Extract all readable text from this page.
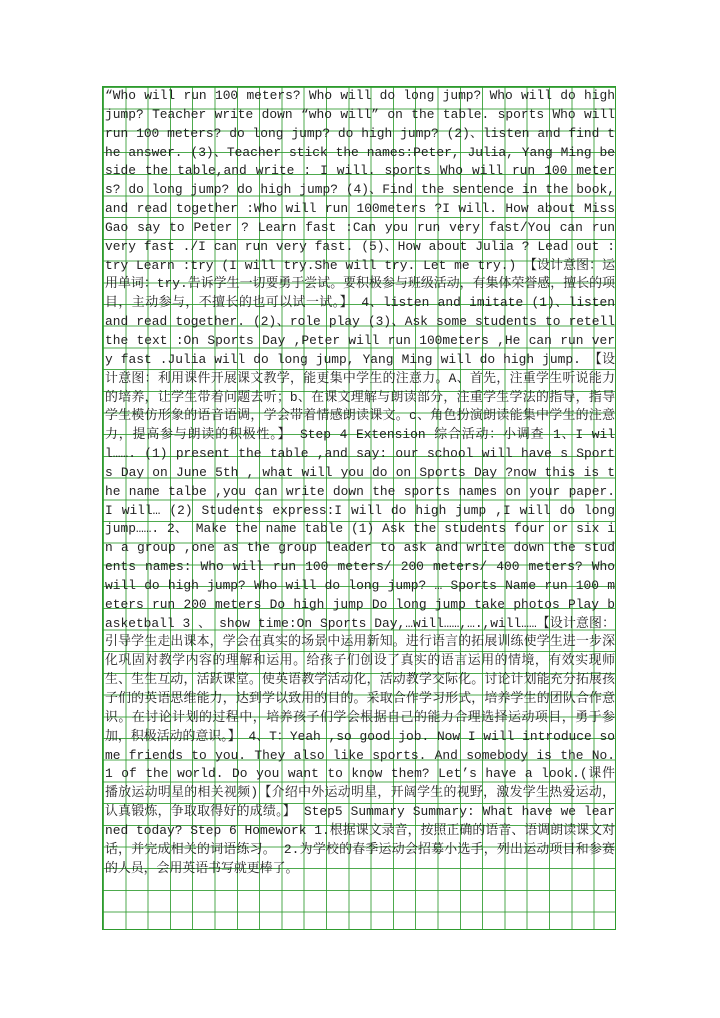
“Who will run 100 meters? Who will do long jump? Who will do high jump? Teacher write down “who will” on the table. sports Who will run 100 meters? do long jump? do high jump? (2)、listen and find the answer. (3)、Teacher stick the names:Peter, Julia, Yang Ming beside the table,and write : I will. sports Who will run 100 meters? do long jump? do high jump? (4)、Find the sentence in the book, and read together :Who will run 100meters ?I will. How about Miss Gao say to Peter ? Learn fast :Can you run very fast/You can run very fast ./I can run very fast. (5)、How about Julia ? Lead out :try Learn :try (I will try.She will try. Let me try.) 【设计意图：运用单词：try.告诉学生一切要勇于尝试。要积极参与班级活动，有集体荣誉感，擅长的项目，主动参与，不擅长的也可以试一试。】 4、listen and imitate (1)、listen and read together. (2)、role play (3)、Ask some students to retell the text :On Sports Day ,Peter will run 100meters ,He can run very fast .Julia will do long jump, Yang Ming will do high jump. 【设计意图：利用课件开展课文教学，能更集中学生的注意力。A、首先，注重学生听说能力的培养，让学生带着问题去听；b、在课文理解与朗读部分，注重学生学法的指导，指导学生模仿形象的语音语调，学会带着情感朗读课文。c、角色扮演朗读能集中学生的注意力，提高参与朗读的积极性。】 Step 4 Extension 综合活动：小调查 1、I will……. (1) present the table ,and say: our school will have s Sports Day on June 5th , what will you do on Sports Day ?now this is the name talbe ,you can write down the sports names on your paper. I will… (2) Students express:I will do high jump ,I will do long jump……. 2、 Make the name table (1) Ask the students four or six in a group ,one as the group leader to ask and write down the students names: Who will run 100 meters/ 200 meters/ 400 meters? Who will do high jump? Who will do long jump? … Sports Name run 100 meters run 200 meters Do high jump Do long jump take photos Play basketball 3 、 show time:On Sports Day,…will……,….,will……【设计意图：引导学生走出课本，学会在真实的场景中运用新知。进行语言的拓展训练使学生进一步深化巩固对教学内容的理解和运用。给孩子们创设了真实的语言运用的情境，有效实现师生、生生互动，活跃课堂。使英语教学活动化，活动教学交际化。讨论计划能充分拓展孩子们的英语思维能力，达到学以致用的目的。采取合作学习形式，培养学生的团队合作意识。在讨论计划的过程中，培养孩子们学会根据自己的能力合理选择运动项目，勇于参加，积极活动的意识。】 4、T：Yeah ,so good job. Now I will introduce some friends to you. They also like sports. And somebody is the No.1 of the world. Do you want to know them? Let’s have a look.(课件播放运动明星的相关视频)【介绍中外运动明星，开阔学生的视野，激发学生热爱运动，认真锻炼，争取取得好的成绩。】 Step5 Summary Summary: What have we learned today? Step 6 Homework 1.根据课文录音，按照正确的语音、语调朗读课文对话，并完成相关的词语练习。 2.为学校的春季运动会招募小选手，列出运动项目和参赛的人员，会用英语书写就更棒了。
